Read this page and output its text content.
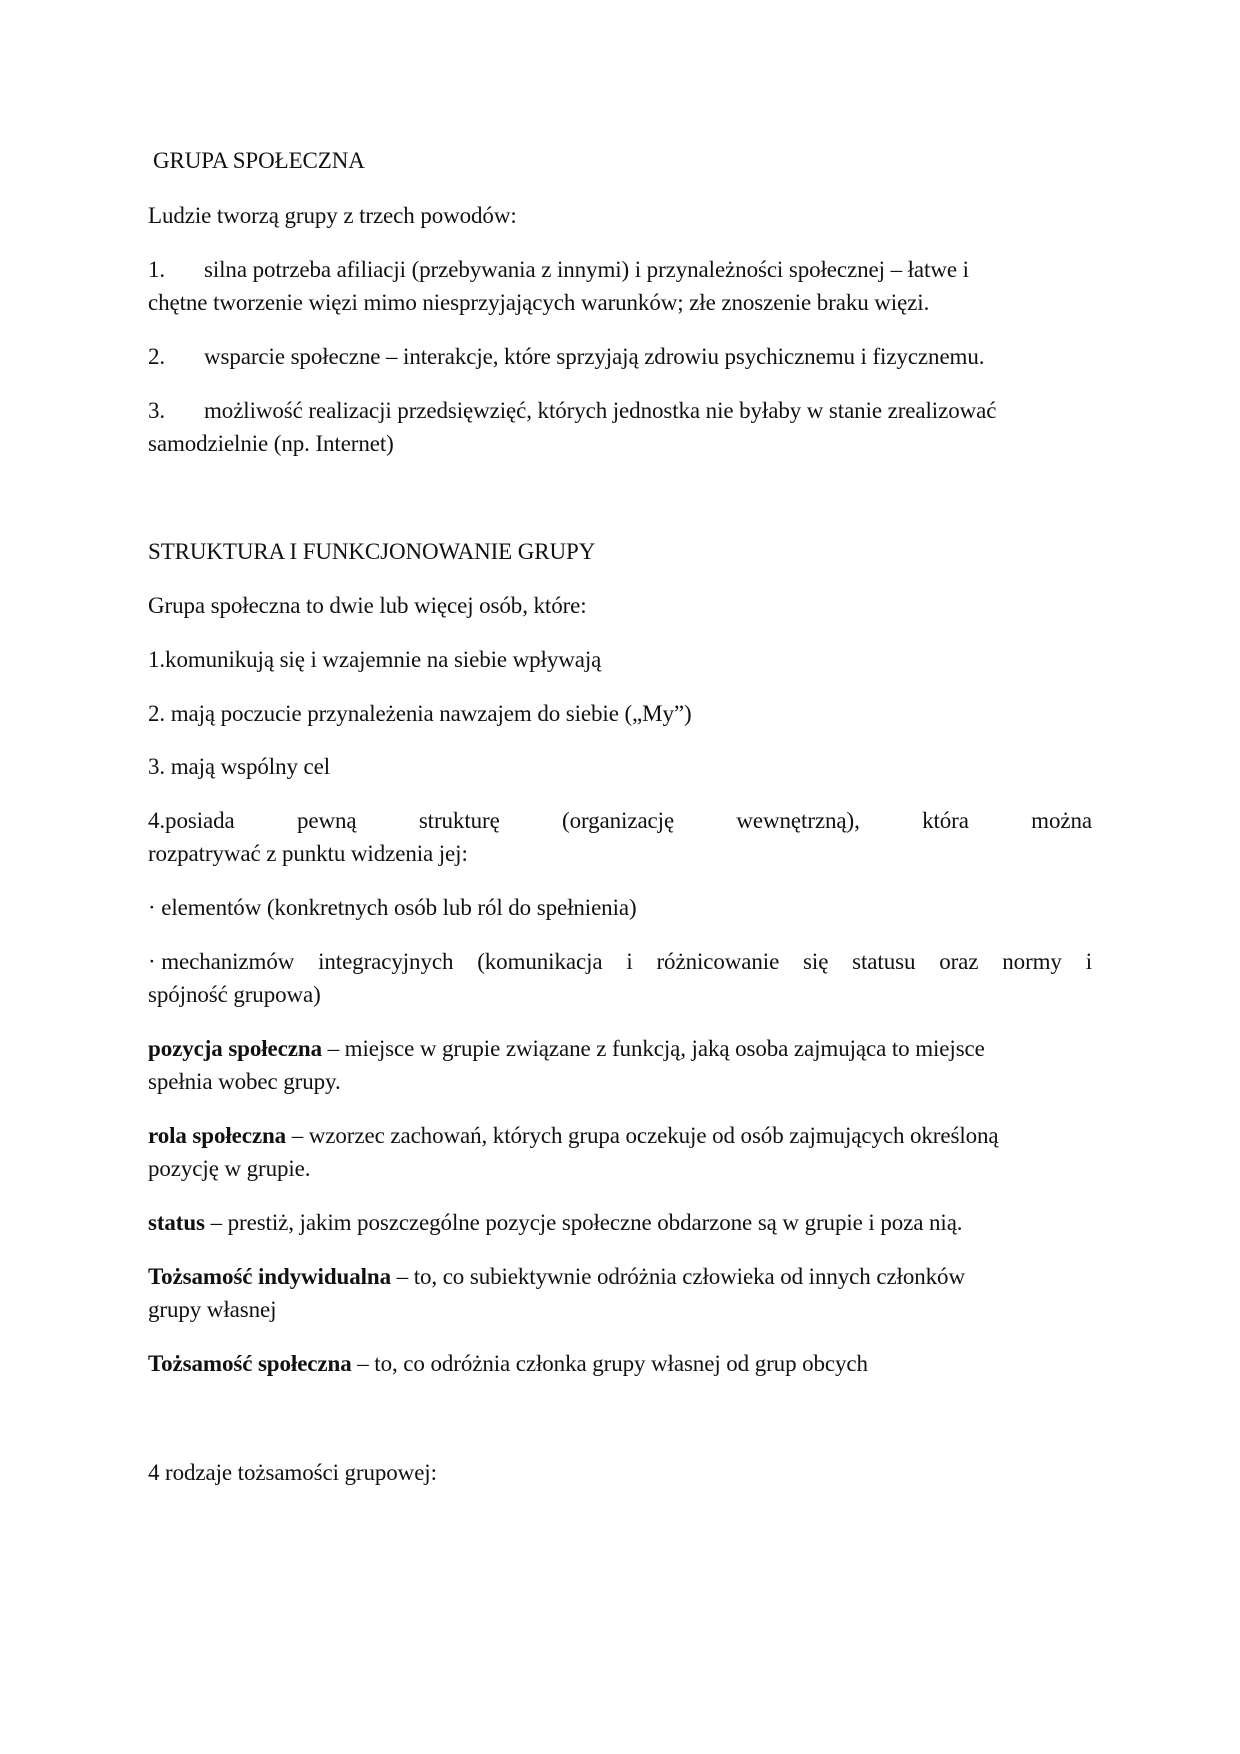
GRUPA SPOŁECZNA
Ludzie tworzą grupy z trzech powodów:
1. silna potrzeba afiliacji (przebywania z innymi) i przynależności społecznej – łatwe i
chętne tworzenie więzi mimo niesprzyjających warunków; złe znoszenie braku więzi.
2. wsparcie społeczne – interakcje, które sprzyjają zdrowiu psychicznemu i fizycznemu.
3. możliwość realizacji przedsięwzięć, których jednostka nie byłaby w stanie zrealizować
samodzielnie (np. Internet)
STRUKTURA I FUNKCJONOWANIE GRUPY
Grupa społeczna to dwie lub więcej osób, które:
1.komunikują się i wzajemnie na siebie wpływają
2. mają poczucie przynależenia nawzajem do siebie („My”)
3. mają wspólny cel
4.posiada	pewną	strukturę	(organizację	wewnętrzną),	która	można
rozpatrywać z punktu widzenia jej:
· elementów (konkretnych osób lub ról do spełnienia)
· mechanizmów integracyjnych (komunikacja i różnicowanie się statusu oraz normy i
spójność grupowa)
pozycja społeczna – miejsce w grupie związane z funkcją, jaką osoba zajmująca to miejsce
spełnia wobec grupy.
rola społeczna – wzorzec zachowań, których grupa oczekuje od osób zajmujących określoną
pozycję w grupie.
status – prestiż, jakim poszczególne pozycje społeczne obdarzone są w grupie i poza nią.
Tożsamość indywidualna – to, co subiektywnie odróżnia człowieka od innych członków
grupy własnej
Tożsamość społeczna – to, co odróżnia członka grupy własnej od grup obcych
4 rodzaje tożsamości grupowej:
